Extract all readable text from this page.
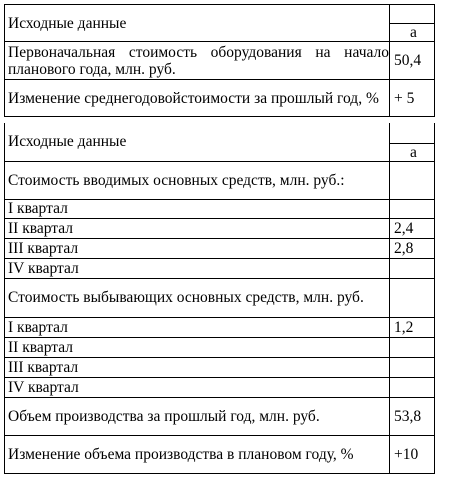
Исходные данные	
	а
Первоначальная стоимость оборудования на начало планового года, млн. руб.	50,4
Изменение среднегодовойстоимости за прошлый год, %	+ 5
Исходные данные	
	а
Стоимость вводимых основных средств, млн. руб.:	
I квартал	
II квартал	2,4
III квартал	2,8
IV квартал	
Стоимость выбывающих основных средств, млн. руб.	
I квартал	1,2
II квартал	
III квартал	
IV квартал	
Объем производства за прошлый год, млн. руб.	53,8
Изменение объема производства в плановом году, %	+10
